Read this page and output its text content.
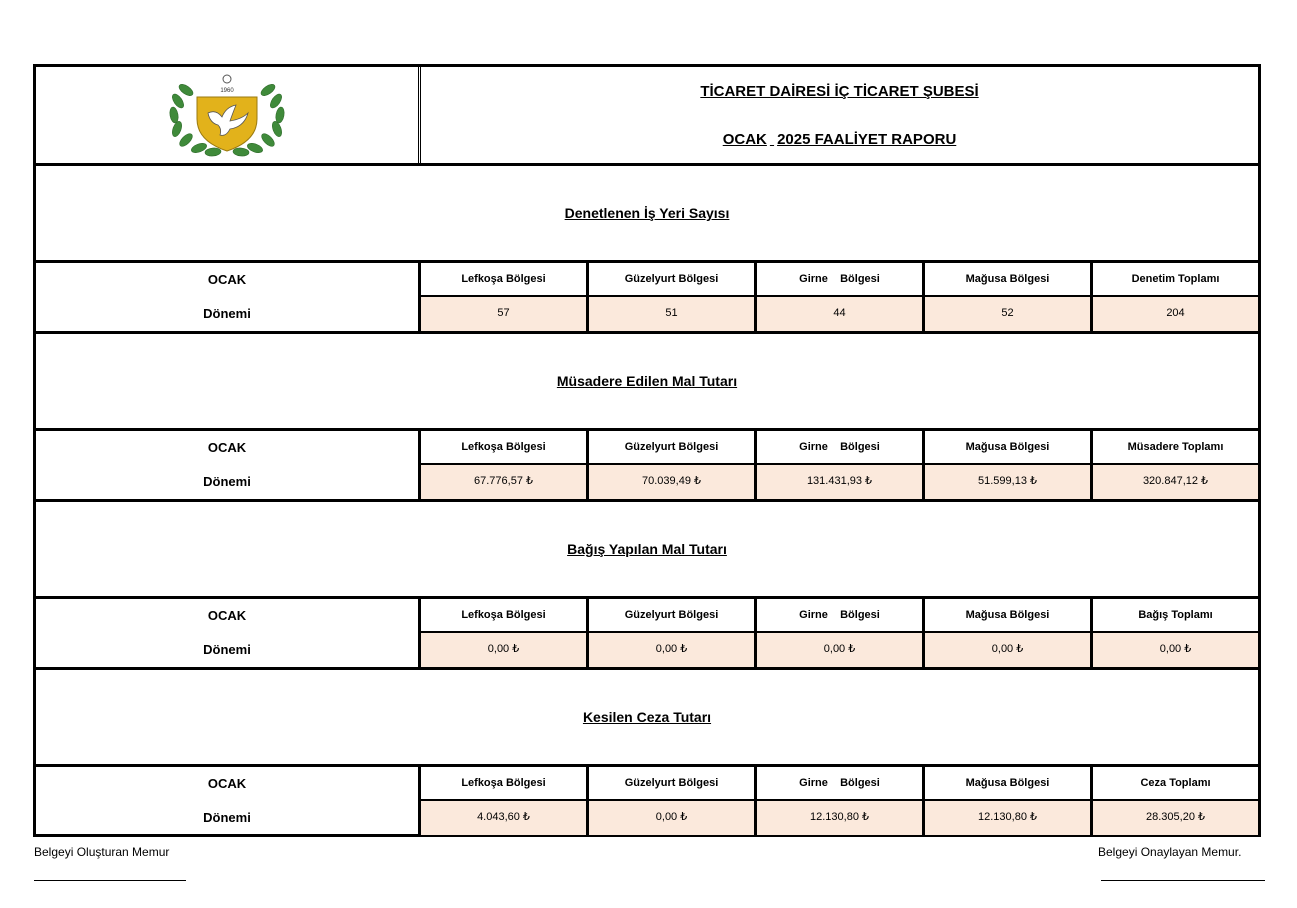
1960	TİCARET DAİRESİ İÇ TİCARET ŞUBESİ
OCAK 2025 FAALİYET RAPORU
Denetlenen İş Yeri Sayısı
OCAK
Dönemi
Lefkoşa Bölgesi
57
Güzelyurt Bölgesi
51
Girne    Bölgesi
44
Mağusa Bölgesi
52
Denetim Toplamı
204
Müsadere Edilen Mal Tutarı
OCAK
Dönemi
Lefkoşa Bölgesi
67.776,57 ₺
Güzelyurt Bölgesi
70.039,49 ₺
Girne    Bölgesi
131.431,93 ₺
Mağusa Bölgesi
51.599,13 ₺
Müsadere Toplamı
320.847,12 ₺
Bağış Yapılan Mal Tutarı
OCAK
Dönemi
Lefkoşa Bölgesi
0,00 ₺
Güzelyurt Bölgesi
0,00 ₺
Girne    Bölgesi
0,00 ₺
Mağusa Bölgesi
0,00 ₺
Bağış Toplamı
0,00 ₺
Kesilen Ceza Tutarı
OCAK
Dönemi
Lefkoşa Bölgesi
4.043,60 ₺
Güzelyurt Bölgesi
0,00 ₺
Girne    Bölgesi
12.130,80 ₺
Mağusa Bölgesi
12.130,80 ₺
Ceza Toplamı
28.305,20 ₺
Belgeyi Oluşturan Memur	Belgeyi Onaylayan Memur.
